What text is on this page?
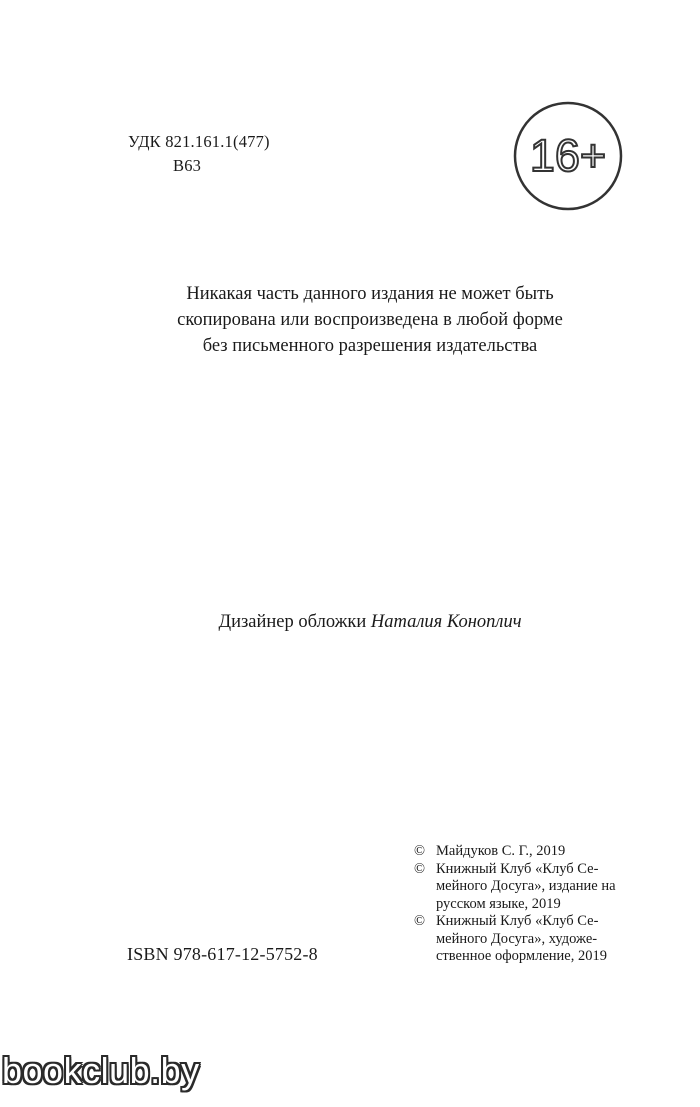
УДК 821.161.1(477)
В63	16+
Никакая часть данного издания не может быть
скопирована или воспроизведена в любой форме
без письменного разрешения издательства
Дизайнер обложки Наталия Коноплич
© Майдуков С. Г., 2019
© Книжный Клуб «Клуб Се-
мейного Досуга», издание на
русском языке, 2019
© Книжный Клуб «Клуб Се-
мейного Досуга», художе-
ственное оформление, 2019
ISBN 978-617-12-5752-8
bookclub.by
